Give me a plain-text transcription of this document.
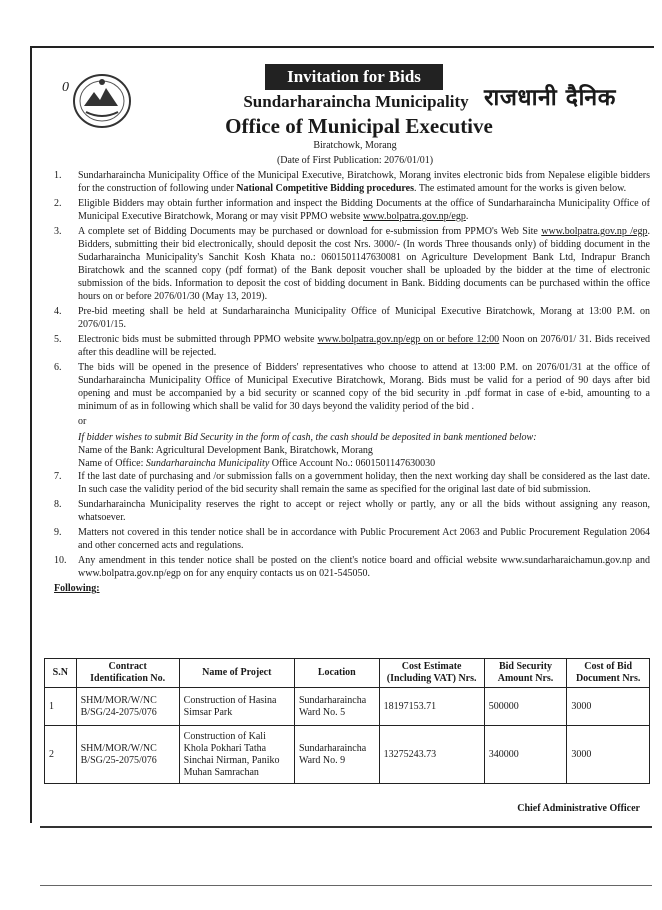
0
Invitation for Bids
Sundarharaincha Municipality
Office of Municipal Executive
राजधानी दैनिक
Biratchowk, Morang
(Date of First Publication: 2076/01/01)
1. Sundarharaincha Municipality Office of the Municipal Executive, Biratchowk, Morang invites electronic bids from Nepalese eligible bidders for the construction of following under National Competitive Bidding procedures. The estimated amount for the works is given below.
2. Eligible Bidders may obtain further information and inspect the Bidding Documents at the office of Sundarharaincha Municipality Office of Municipal Executive Biratchowk, Morang or may visit PPMO website www.bolpatra.gov.np/egp.
3. A complete set of Bidding Documents may be purchased or download for e-submission from PPMO's Web Site www.bolpatra.gov.np /egp. Bidders, submitting their bid electronically, should deposit the cost Nrs. 3000/- (In words Three thousands only) of bidding document in the Sudarharaincha Municipality's Sanchit Kosh Khata no.: 0601501147630081 on Agriculture Development Bank Ltd, Indrapur Branch Biratchowk and the scanned copy (pdf format) of the Bank deposit voucher shall be uploaded by the bidder at the time of electronic submission of the bids. Information to deposit the cost of bidding document in Bank. Bidding documents can be purchased within the office hours on or before 2076/01/30 (May 13, 2019).
4. Pre-bid meeting shall be held at Sundarharaincha Municipality Office of Municipal Executive Biratchowk, Morang at 13:00 P.M. on 2076/01/15.
5. Electronic bids must be submitted through PPMO website www.bolpatra.gov.np/egp on or before 12:00 Noon on 2076/01/ 31. Bids received after this deadline will be rejected.
6. The bids will be opened in the presence of Bidders' representatives who choose to attend at 13:00 P.M. on 2076/01/31 at the office of Sundarharaincha Municipality Office of Municipal Executive Biratchowk, Morang. Bids must be valid for a period of 90 days after bid opening and must be accompanied by a bid security or scanned copy of the bid security in .pdf format in case of e-bid, amounting to a minimum of as in following which shall be valid for 30 days beyond the validity period of the bid .
or
If bidder wishes to submit Bid Security in the form of cash, the cash should be deposited in bank mentioned below:
Name of the Bank: Agricultural Development Bank, Biratchowk, Morang
Name of Office: Sundarharaincha Municipality Office Account No.: 0601501147630030
7. If the last date of purchasing and /or submission falls on a government holiday, then the next working day shall be considered as the last date. In such case the validity period of the bid security shall remain the same as specified for the original last date of bid submission.
8. Sundarharaincha Municipality reserves the right to accept or reject wholly or partly, any or all the bids without assigning any reason, whatsoever.
9. Matters not covered in this tender notice shall be in accordance with Public Procurement Act 2063 and Public Procurement Regulation 2064 and other concerned acts and regulations.
10. Any amendment in this tender notice shall be posted on the client's notice board and official website www.sundarharaichamun.gov.np and www.bolpatra.gov.np/egp on for any enquiry contacts us on 021-545050.
Following:
S.N	Contract Identification No.	Name of Project	Location	Cost Estimate (Including VAT) Nrs.	Bid Security Amount Nrs.	Cost of Bid Document Nrs.
1	SHM/MOR/W/NC B/SG/24-2075/076	Construction of Hasina Simsar Park	Sundarharaincha Ward No. 5	18197153.71	500000	3000
2	SHM/MOR/W/NC B/SG/25-2075/076	Construction of Kali Khola Pokhari Tatha Sinchai Nirman, Paniko Muhan Samrachan	Sundarharaincha Ward No. 9	13275243.73	340000	3000
Chief Administrative Officer
